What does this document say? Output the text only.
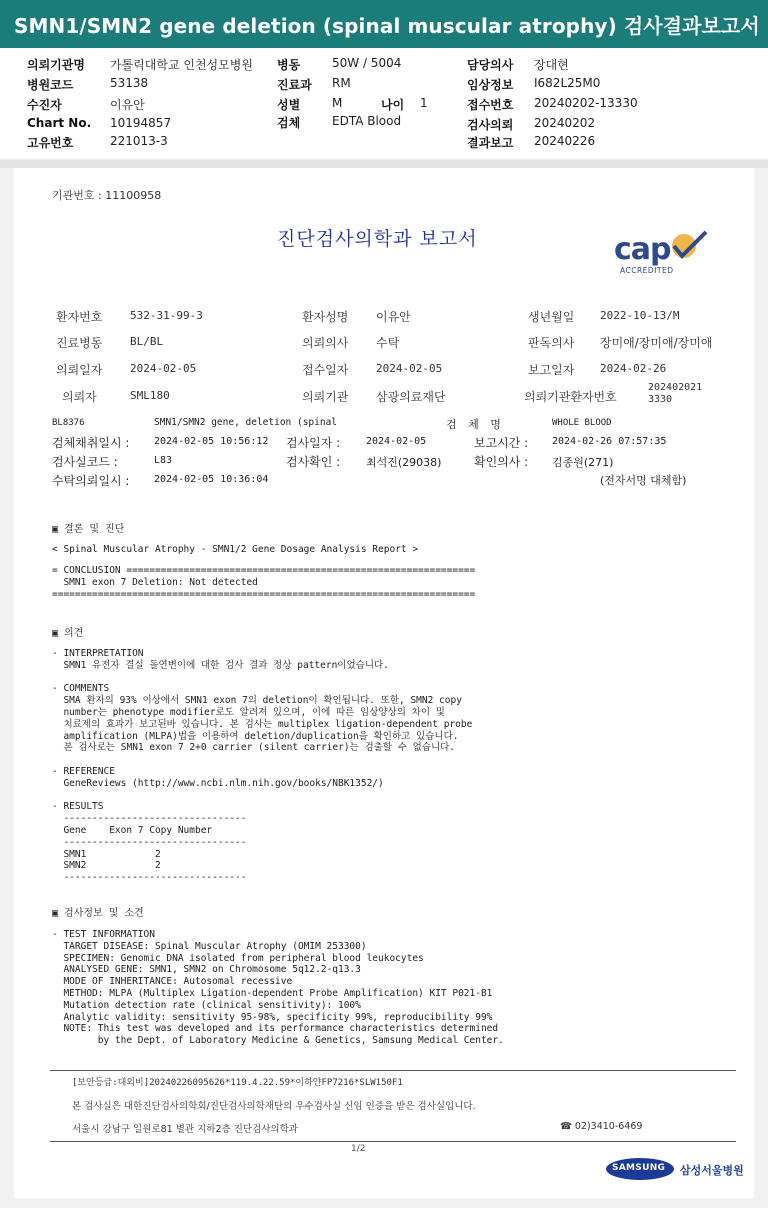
SMN1/SMN2 gene deletion (spinal muscular atrophy) 검사결과보고서
의뢰기관명 가톨릭대학교 인천성모병원
병원코드	53138
수진자	이유안
Chart No. 10194857
고유번호	221013-3
병동	50W / 5004
진료과 RM
성별	M	나이 1
검체	EDTA Blood
담당의사 장대현
임상정보 I682L25M0
접수번호 20240202-13330
검사의뢰 20240202
결과보고 20240226
기관번호 : 11100958
진단검사의학과 보고서	cap
ACCREDITED
환자번호	532-31-99-3	환자성명 이유안	생년월일 2022-10-13/M
진료병동	BL/BL	의뢰의사 수탁	판독의사 장미애/장미애/장미애
의뢰일자	2024-02-05	접수일자	2024-02-05	보고일자 2024-02-26
의뢰자	SML180	의뢰기관 삼광의료재단	의뢰기관환자번호
2024020213330
BL8376	SMN1/SMN2 gene, deletion (spinal	검 체 명	WHOLE BLOOD
검체채취일시 : 2024-02-05 10:56:12 검사일자 :	2024-02-05	보고시간 : 2024-02-26 07:57:35
검사실코드 :	L83	검사확인 : 최석진(29038)	확인의사 : 김종원(271)
수탁의뢰일시 : 2024-02-05 10:36:04	(전자서명 대체함)
▣ 결론 및 진단
< Spinal Muscular Atrophy - SMN1/2 Gene Dosage Analysis Report >
= CONCLUSION =============================================================
SMN1 exon 7 Deletion: Not detected
==========================================================================
▣ 의견
- INTERPRETATION
SMN1 유전자 결실 돌연변이에 대한 검사 결과 정상 pattern이었습니다.

- COMMENTS
SMA 환자의 93% 이상에서 SMN1 exon 7의 deletion이 확인됩니다. 또한, SMN2 copy
number는 phenotype modifier로도 알려져 있으며, 이에 따른 임상양상의 차이 및
치료제의 효과가 보고된바 있습니다. 본 검사는 multiplex ligation-dependent probe
amplification (MLPA)법을 이용하여 deletion/duplication을 확인하고 있습니다.
본 검사로는 SMN1 exon 7 2+0 carrier (silent carrier)는 검출할 수 없습니다.

- REFERENCE
GeneReviews (http://www.ncbi.nlm.nih.gov/books/NBK1352/)

- RESULTS
--------------------------------
Gene    Exon 7 Copy Number
--------------------------------
SMN1            2
SMN2            2
--------------------------------
▣ 검사정보 및 소견
- TEST INFORMATION
TARGET DISEASE: Spinal Muscular Atrophy (OMIM 253300)
SPECIMEN: Genomic DNA isolated from peripheral blood leukocytes
ANALYSED GENE: SMN1, SMN2 on Chromosome 5q12.2-q13.3
MODE OF INHERITANCE: Autosomal recessive
METHOD: MLPA (Multiplex Ligation-dependent Probe Amplification) KIT P021-B1
Mutation detection rate (clinical sensitivity): 100%
Analytic validity: sensitivity 95-98%, specificity 99%, reproducibility 99%
NOTE: This test was developed and its performance characteristics determined
by the Dept. of Laboratory Medicine & Genetics, Samsung Medical Center.
1/2
SAMSUNG 삼성서울병원
[보안등급:대외비]20240226095626*119.4.22.59*이하얀FP7216*SLW150F1
본 검사실은 대한진단검사의학회/진단검사의학재단의 우수검사실 신임 인증을 받은 검사실입니다.
서울시 강남구 일원로81 별관 지하2층 진단검사의학과	☎ 02)3410-6469
